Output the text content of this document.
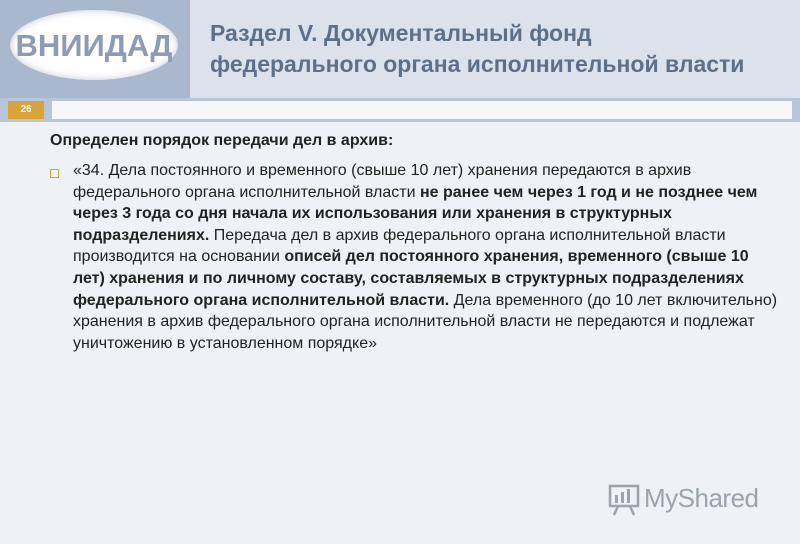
ВНИИДАД Раздел V. Документальный фонд
федерального органа исполнительной власти
26
Определен порядок передачи дел в архив:
«34. Дела постоянного и временного (свыше 10 лет) хранения передаются в архив федерального органа исполнительной власти не ранее чем через 1 год и не позднее чем через 3 года со дня начала их использования или хранения в структурных подразделениях. Передача дел в архив федерального органа исполнительной власти производится на основании описей дел постоянного хранения, временного (свыше 10 лет) хранения и по личному составу, составляемых в структурных подразделениях федерального органа исполнительной власти. Дела временного (до 10 лет включительно) хранения в архив федерального органа исполнительной власти не передаются и подлежат уничтожению в установленном порядке»
MyShared
